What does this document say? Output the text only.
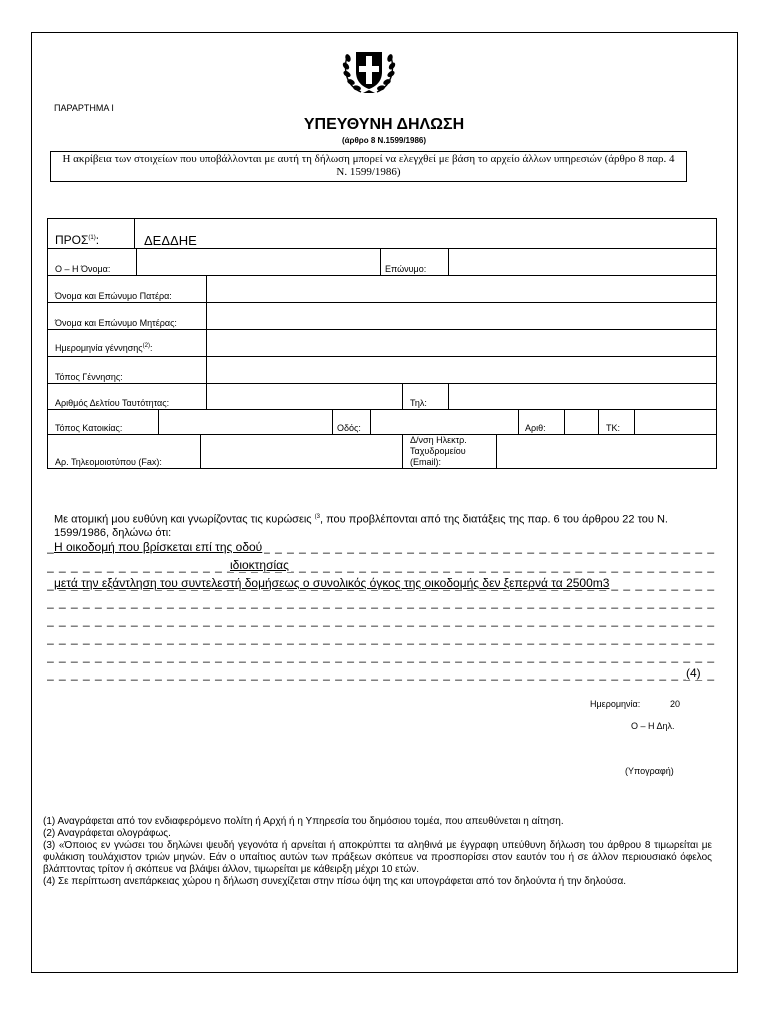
ΠΑΡΑΡΤΗΜΑ Ι
ΥΠΕΥΘΥΝΗ ΔΗΛΩΣΗ
(άρθρο 8 Ν.1599/1986)
Η ακρίβεια των στοιχείων που υποβάλλονται με αυτή τη δήλωση μπορεί να ελεγχθεί με βάση το αρχείο άλλων υπηρεσιών (άρθρο 8 παρ. 4 Ν. 1599/1986)
ΠΡΟΣ$^{(1)}$:	ΔΕΔΔΗΕ
Ο – Η Όνομα:	Επώνυμο:
Όνομα και Επώνυμο Πατέρα:
Όνομα και Επώνυμο Μητέρας:
Ημερομηνία γέννησης$^{(2)}$:
Τόπος Γέννησης:
Αριθμός Δελτίου Ταυτότητας:	Τηλ:
Τόπος Κατοικίας:	Οδός:	Αριθ:	ΤΚ:
Αρ. Τηλεομοιοτύπου (Fax):
Δ/νση Ηλεκτρ.
Ταχυδρομείου
(Email):
Με ατομική μου ευθύνη και γνωρίζοντας τις κυρώσεις $^{(3}$, που προβλέπονται από της διατάξεις της παρ. 6 του άρθρου 22 του Ν. 1599/1986, δηλώνω ότι:
_ _ _
Η οικοδομή που βρίσκεται επί της οδού
_ _ _
ιδιοκτησίας
_ _ _
μετά την εξάντληση του συντελεστή δομήσεως ο συνολικός όγκος της οικοδομής δεν ξεπερνά τα 2500m3
_ _ _
_ _ _
_ _ _
_ _ _
_ _ _
(4)
Ημερομηνία:	20
Ο – Η Δηλ.
(Υπογραφή)

(1) Αναγράφεται από τον ενδιαφερόμενο πολίτη ή Αρχή ή η Υπηρεσία του δημόσιου τομέα, που απευθύνεται η αίτηση.

(2) Αναγράφεται ολογράφως.

(3) «Όποιος εν γνώσει του δηλώνει ψευδή γεγονότα ή αρνείται ή αποκρύπτει τα αληθινά με έγγραφη υπεύθυνη δήλωση του άρθρου 8 τιμωρείται με φυλάκιση τουλάχιστον τριών μηνών. Εάν ο υπαίτιος αυτών των πράξεων σκόπευε να προσπορίσει στον εαυτόν του ή σε άλλον περιουσιακό όφελος βλάπτοντας τρίτον ή σκόπευε να βλάψει άλλον, τιμωρείται με κάθειρξη μέχρι 10 ετών.

(4) Σε περίπτωση ανεπάρκειας χώρου η δήλωση συνεχίζεται στην πίσω όψη της και υπογράφεται από τον δηλούντα ή την δηλούσα.
